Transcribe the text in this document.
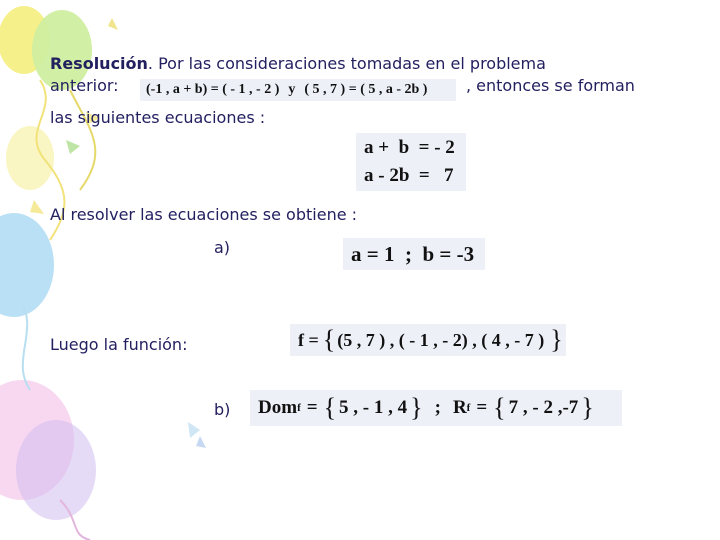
Resolución. Por las consideraciones tomadas en el problema
anterior: (-1 , a + b) = ( - 1 , - 2 ) y ( 5 , 7 ) = ( 5 , a - 2b ) , entonces se forman
las siguientes ecuaciones :
a +  b  = - 2
a - 2b  =   7
Al resolver las ecuaciones se obtiene :
a)	a = 1  ;  b = -3
Luego la función:	f = { (5 , 7 ) , ( - 1 , - 2) , ( 4 , - 7 ) }
b) Dom f = { 5 , - 1 , 4 } ; R f = { 7 , - 2 ,-7 }
